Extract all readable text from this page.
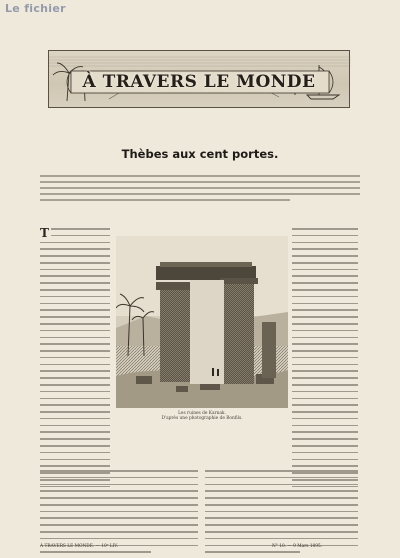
Le fichier
À TRAVERS LE MONDE
Thèbes aux cent portes.
T
Les ruines de Karnak.
D'après une photographie de Bonfils.
À TRAVERS LE MONDE. — 10ᵉ LIV.	N° 10. — 9 Mars 1895.
